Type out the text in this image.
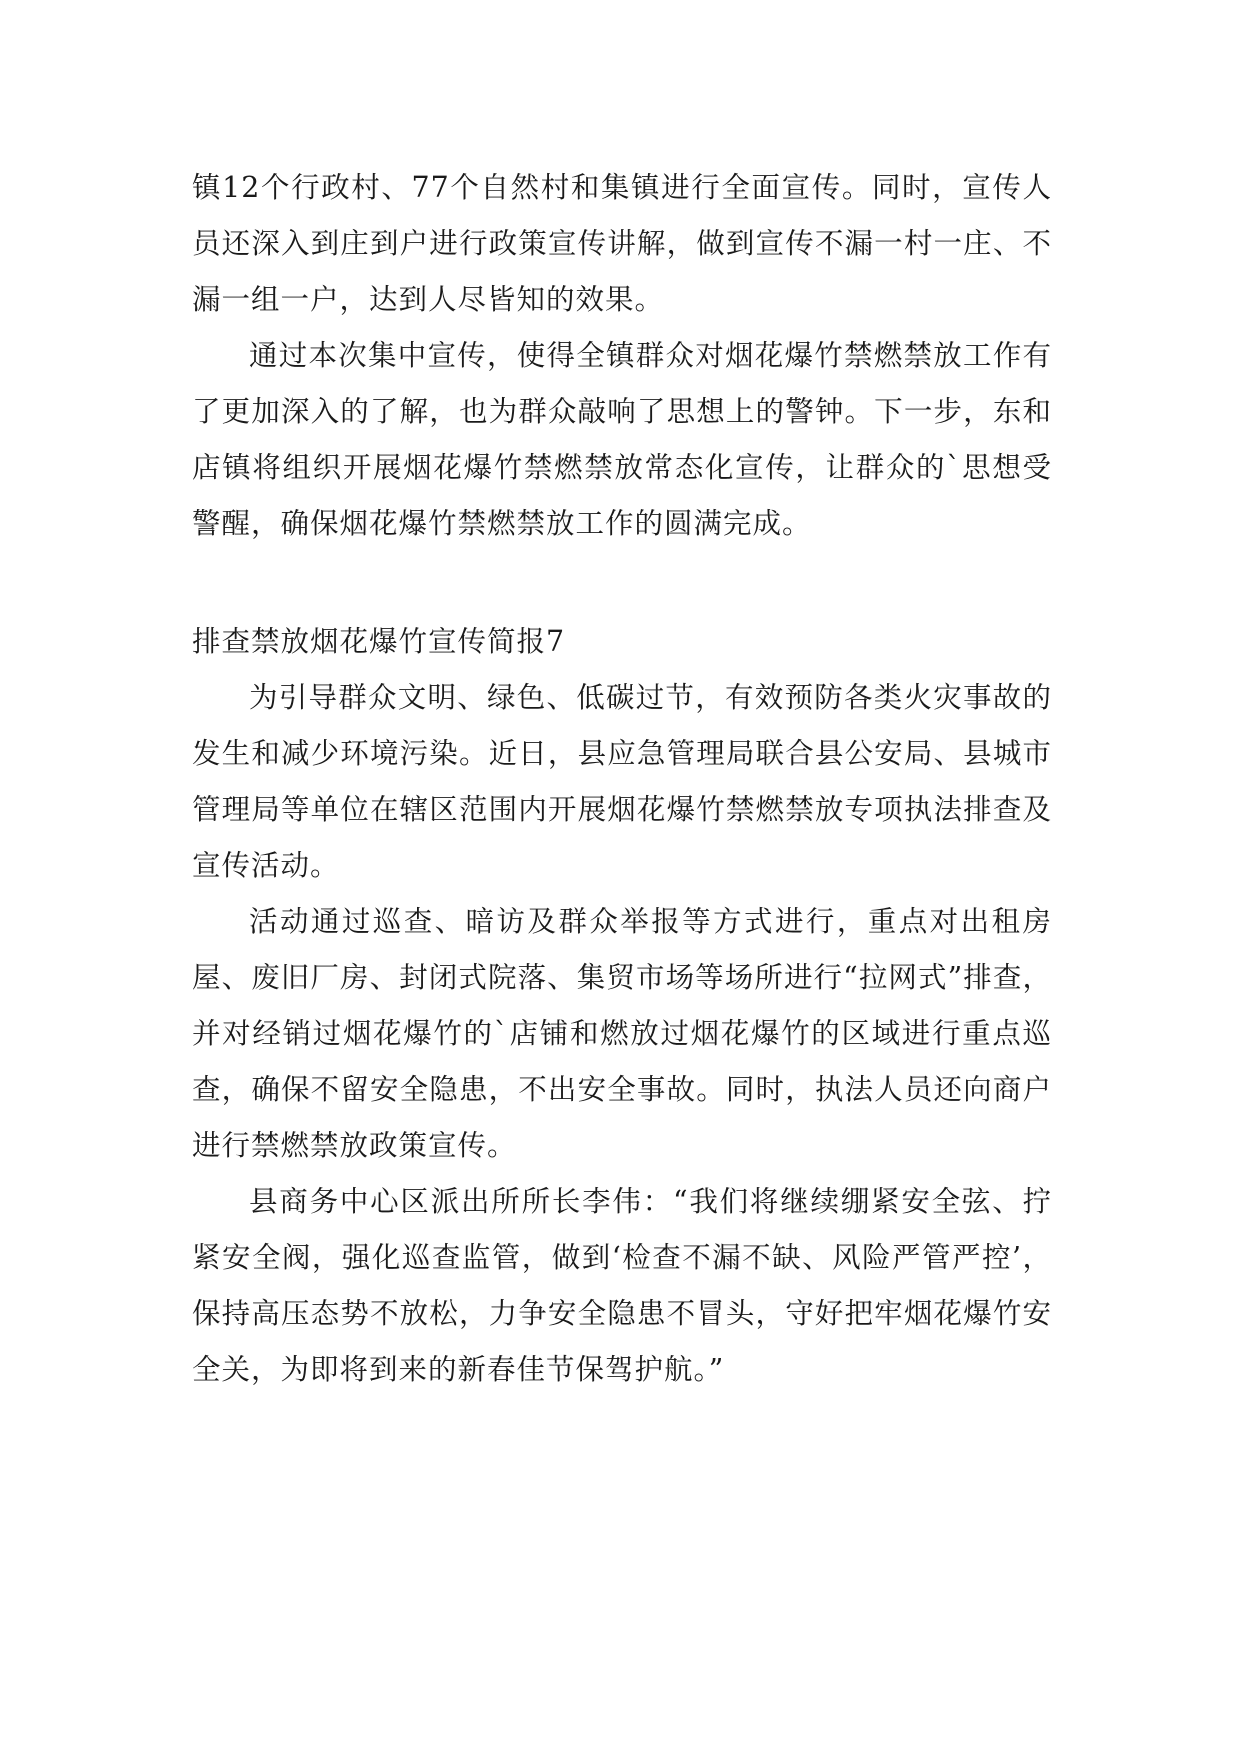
镇12个行政村、77个自然村和集镇进行全面宣传。同时，宣传人员还深入到庄到户进行政策宣传讲解，做到宣传不漏一村一庄、不漏一组一户，达到人尽皆知的效果。

通过本次集中宣传，使得全镇群众对烟花爆竹禁燃禁放工作有了更加深入的了解，也为群众敲响了思想上的警钟。下一步，东和店镇将组织开展烟花爆竹禁燃禁放常态化宣传，让群众的`思想受警醒，确保烟花爆竹禁燃禁放工作的圆满完成。

排查禁放烟花爆竹宣传简报7

为引导群众文明、绿色、低碳过节，有效预防各类火灾事故的发生和减少环境污染。近日，县应急管理局联合县公安局、县城市管理局等单位在辖区范围内开展烟花爆竹禁燃禁放专项执法排查及宣传活动。

活动通过巡查、暗访及群众举报等方式进行，重点对出租房屋、废旧厂房、封闭式院落、集贸市场等场所进行“拉网式”排查，并对经销过烟花爆竹的`店铺和燃放过烟花爆竹的区域进行重点巡查，确保不留安全隐患，不出安全事故。同时，执法人员还向商户进行禁燃禁放政策宣传。

县商务中心区派出所所长李伟：“我们将继续绷紧安全弦、拧紧安全阀，强化巡查监管，做到‘检查不漏不缺、风险严管严控’，保持高压态势不放松，力争安全隐患不冒头，守好把牢烟花爆竹安全关，为即将到来的新春佳节保驾护航。”
